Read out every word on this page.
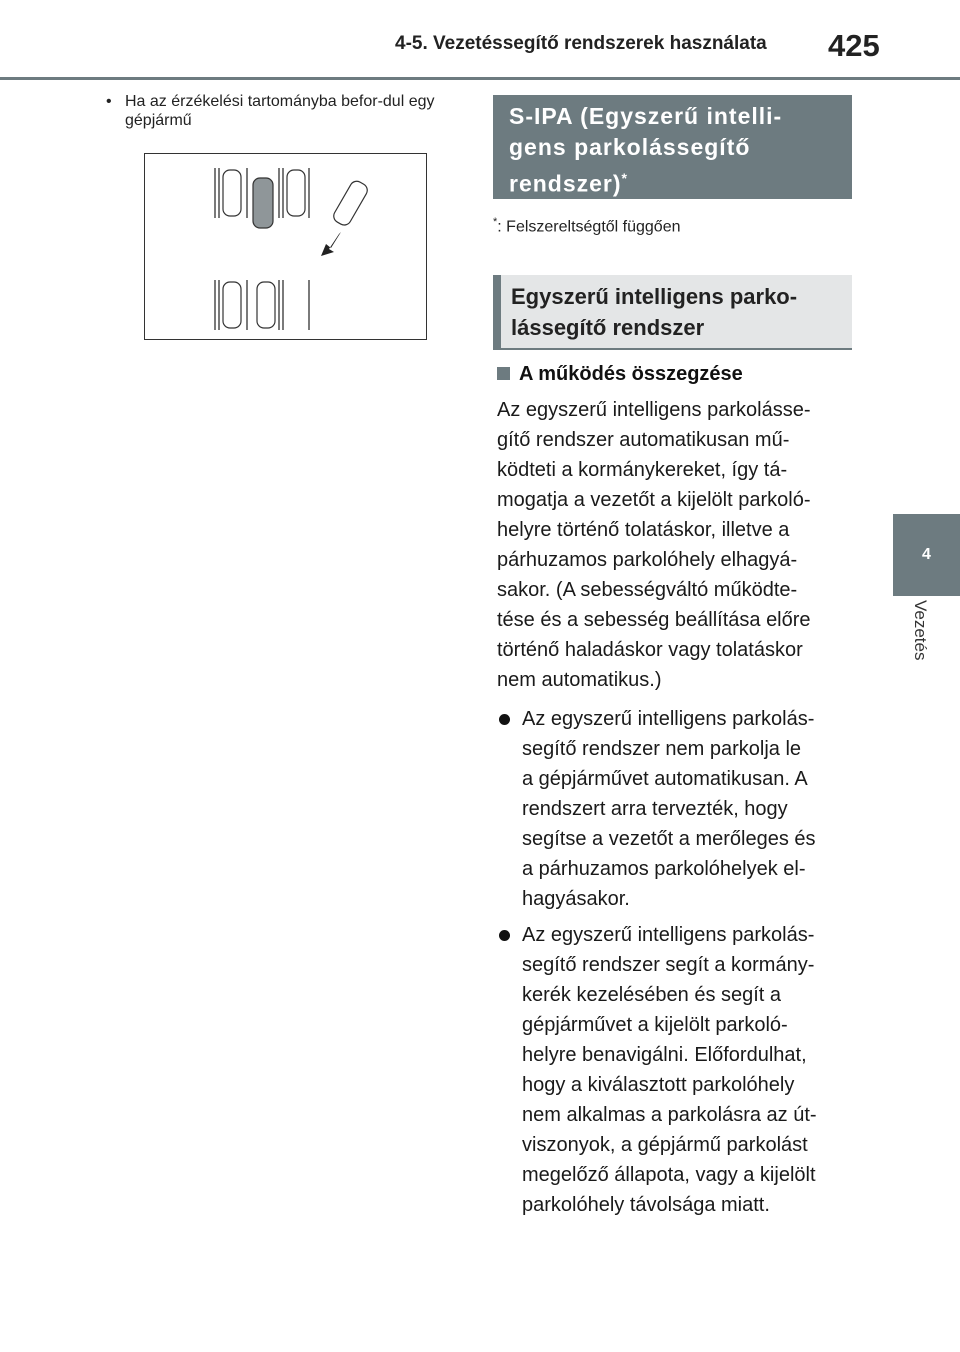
4-5. Vezetéssegítő rendszerek használata 425
4
Vezetés
• Ha az érzékelési tartományba befor-dul egy gépjármű	S-IPA (Egyszerű intelli-
gens parkolássegítő
rendszer)*
*: Felszereltségtől függően
Egyszerű intelligens parko-
lássegítő rendszer
A működés összegzése
Az egyszerű intelligens parkolásse-
gítő rendszer automatikusan mű-
ködteti a kormánykereket, így tá-
mogatja a vezetőt a kijelölt parkoló-
helyre történő tolatáskor, illetve a
párhuzamos parkolóhely elhagyá-
sakor. (A sebességváltó működte-
tése és a sebesség beállítása előre
történő haladáskor vagy tolatáskor
nem automatikus.)
Az egyszerű intelligens parkolás-
segítő rendszer nem parkolja le
a gépjárművet automatikusan. A
rendszert arra tervezték, hogy
segítse a vezetőt a merőleges és
a párhuzamos parkolóhelyek el-
hagyásakor.
Az egyszerű intelligens parkolás-
segítő rendszer segít a kormány-
kerék kezelésében és segít a
gépjárművet a kijelölt parkoló-
helyre benavigálni. Előfordulhat,
hogy a kiválasztott parkolóhely
nem alkalmas a parkolásra az út-
viszonyok, a gépjármű parkolást
megelőző állapota, vagy a kijelölt
parkolóhely távolsága miatt.
